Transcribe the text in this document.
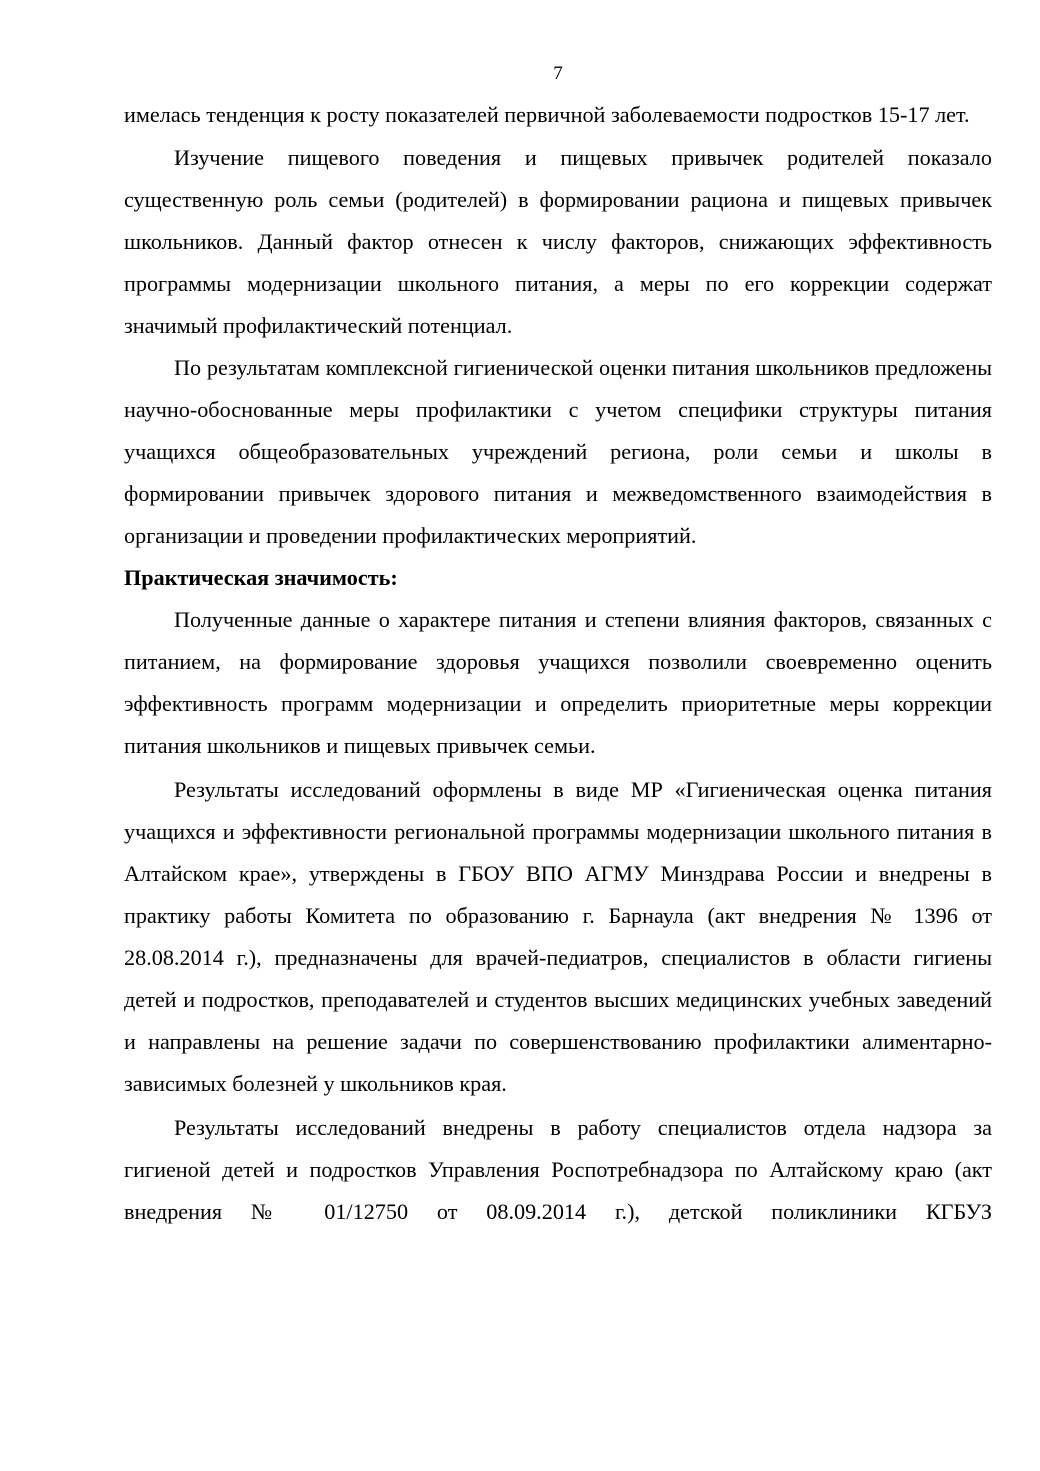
7

имелась тенденция к росту показателей первичной заболеваемости подростков 15-17 лет.

Изучение пищевого поведения и пищевых привычек родителей показало существенную роль семьи (родителей) в формировании рациона и пищевых привычек школьников. Данный фактор отнесен к числу факторов, снижающих эффективность программы модернизации школьного питания, а меры по его коррекции содержат значимый профилактический потенциал.

По результатам комплексной гигиенической оценки питания школьников предложены научно-обоснованные меры профилактики с учетом специфики структуры питания учащихся общеобразовательных учреждений региона, роли семьи и школы в формировании привычек здорового питания и межведомственного взаимодействия в организации и проведении профилактических мероприятий.

Практическая значимость:

Полученные данные о характере питания и степени влияния факторов, связанных с питанием, на формирование здоровья учащихся позволили своевременно оценить эффективность программ модернизации и определить приоритетные меры коррекции питания школьников и пищевых привычек семьи.

Результаты исследований оформлены в виде МР «Гигиеническая оценка питания учащихся и эффективности региональной программы модернизации школьного питания в Алтайском крае», утверждены в ГБОУ ВПО АГМУ Минздрава России и внедрены в практику работы Комитета по образованию г. Барнаула (акт внедрения № 1396 от 28.08.2014 г.), предназначены для врачей-педиатров, специалистов в области гигиены детей и подростков, преподавателей и студентов высших медицинских учебных заведений и направлены на решение задачи по совершенствованию профилактики алиментарно-зависимых болезней у школьников края.

Результаты исследований внедрены в работу специалистов отдела надзора за гигиеной детей и подростков Управления Роспотребнадзора по Алтайскому краю (акт внедрения № 01/12750 от 08.09.2014 г.), детской поликлиники КГБУЗ
